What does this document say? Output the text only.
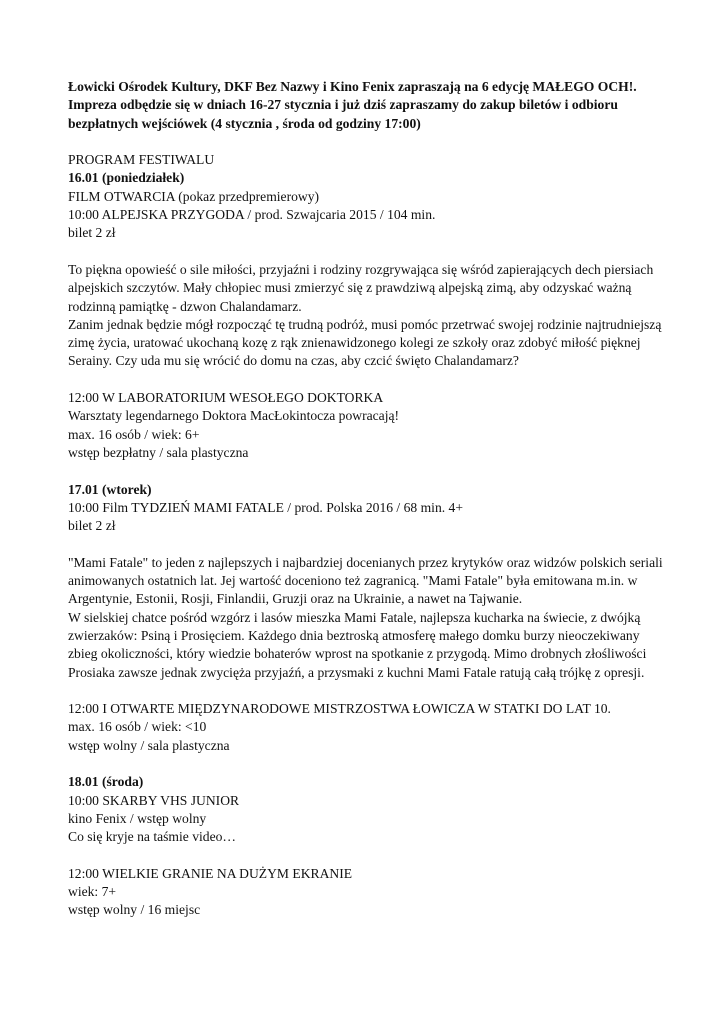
Łowicki Ośrodek Kultury, DKF Bez Nazwy i Kino Fenix zapraszają na 6 edycję MAŁEGO OCH!. Impreza odbędzie się w dniach 16-27 stycznia i już dziś zapraszamy do zakup biletów i odbioru bezpłatnych wejściówek (4 stycznia , środa od godziny 17:00)

PROGRAM FESTIWALU
16.01 (poniedziałek)
FILM OTWARCIA (pokaz przedpremierowy)
10:00 ALPEJSKA PRZYGODA / prod. Szwajcaria 2015 / 104 min.
bilet 2 zł

To piękna opowieść o sile miłości, przyjaźni i rodziny rozgrywająca się wśród zapierających dech piersiach alpejskich szczytów. Mały chłopiec musi zmierzyć się z prawdziwą alpejską zimą, aby odzyskać ważną rodzinną pamiątkę - dzwon Chalandamarz.

Zanim jednak będzie mógł rozpocząć tę trudną podróż, musi pomóc przetrwać swojej rodzinie najtrudniejszą zimę życia, uratować ukochaną kozę z rąk znienawidzonego kolegi ze szkoły oraz zdobyć miłość pięknej Serainy. Czy uda mu się wrócić do domu na czas, aby czcić święto Chalandamarz?

12:00 W LABORATORIUM WESOŁEGO DOKTORKA
Warsztaty legendarnego Doktora MacŁokintocza powracają!
max. 16 osób / wiek: 6+
wstęp bezpłatny / sala plastyczna
17.01 (wtorek)
10:00 Film TYDZIEŃ MAMI FATALE / prod. Polska 2016 / 68 min. 4+
bilet 2 zł

"Mami Fatale" to jeden z najlepszych i najbardziej docenianych przez krytyków oraz widzów polskich seriali animowanych ostatnich lat. Jej wartość doceniono też zagranicą. "Mami Fatale" była emitowana m.in. w Argentynie, Estonii, Rosji, Finlandii, Gruzji oraz na Ukrainie, a nawet na Tajwanie.

W sielskiej chatce pośród wzgórz i lasów mieszka Mami Fatale, najlepsza kucharka na świecie, z dwójką zwierzaków: Psiną i Prosięciem. Każdego dnia beztroską atmosferę małego domku burzy nieoczekiwany zbieg okoliczności, który wiedzie bohaterów wprost na spotkanie z przygodą. Mimo drobnych złośliwości Prosiaka zawsze jednak zwycięża przyjaźń, a przysmaki z kuchni Mami Fatale ratują całą trójkę z opresji.

12:00 I OTWARTE MIĘDZYNARODOWE MISTRZOSTWA ŁOWICZA W STATKI DO LAT 10.
max. 16 osób / wiek: <10
wstęp wolny / sala plastyczna
18.01 (środa)
10:00 SKARBY VHS JUNIOR
kino Fenix / wstęp wolny
Co się kryje na taśmie video…
12:00 WIELKIE GRANIE NA DUŻYM EKRANIE
wiek: 7+
wstęp wolny / 16 miejsc
